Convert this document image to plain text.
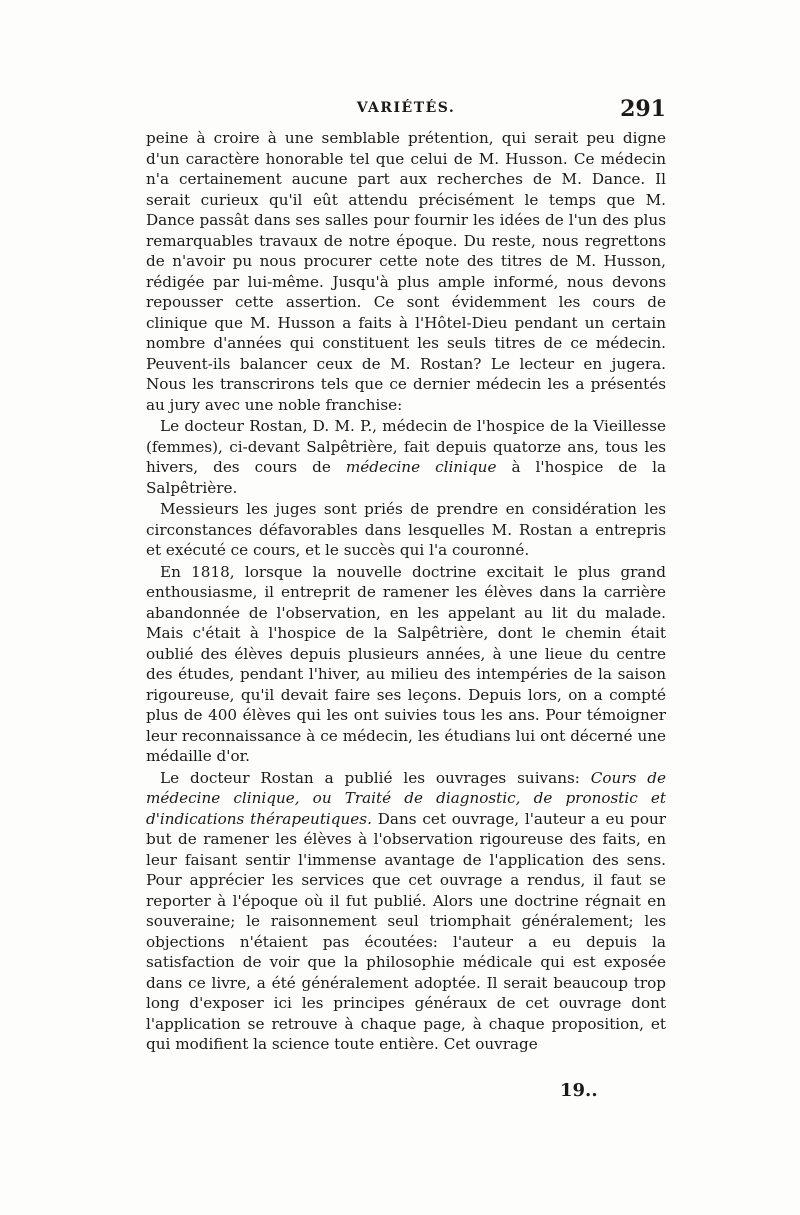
VARIÉTÉS.	291

peine à croire à une semblable prétention, qui serait peu digne d'un caractère honorable tel que celui de M. Husson. Ce médecin n'a certainement aucune part aux recherches de M. Dance. Il serait curieux qu'il eût attendu précisément le temps que M. Dance passât dans ses salles pour fournir les idées de l'un des plus remarquables travaux de notre époque. Du reste, nous regrettons de n'avoir pu nous procurer cette note des titres de M. Husson, rédigée par lui-même. Jusqu'à plus ample informé, nous devons repousser cette assertion. Ce sont évidemment les cours de clinique que M. Husson a faits à l'Hôtel-Dieu pendant un certain nombre d'années qui constituent les seuls titres de ce médecin. Peuvent-ils balancer ceux de M. Rostan? Le lecteur en jugera. Nous les transcrirons tels que ce dernier médecin les a présentés au jury avec une noble franchise:

Le docteur Rostan, D. M. P., médecin de l'hospice de la Vieillesse (femmes), ci-devant Salpêtrière, fait depuis quatorze ans, tous les hivers, des cours de médecine clinique à l'hospice de la Salpêtrière.

Messieurs les juges sont priés de prendre en considération les circonstances défavorables dans lesquelles M. Rostan a entrepris et exécuté ce cours, et le succès qui l'a couronné.

En 1818, lorsque la nouvelle doctrine excitait le plus grand enthousiasme, il entreprit de ramener les élèves dans la carrière abandonnée de l'observation, en les appelant au lit du malade. Mais c'était à l'hospice de la Salpêtrière, dont le chemin était oublié des élèves depuis plusieurs années, à une lieue du centre des études, pendant l'hiver, au milieu des intempéries de la saison rigoureuse, qu'il devait faire ses leçons. Depuis lors, on a compté plus de 400 élèves qui les ont suivies tous les ans. Pour témoigner leur reconnaissance à ce médecin, les étudians lui ont décerné une médaille d'or.

Le docteur Rostan a publié les ouvrages suivans: Cours de médecine clinique, ou Traité de diagnostic, de pronostic et d'indications thérapeutiques. Dans cet ouvrage, l'auteur a eu pour but de ramener les élèves à l'observation rigoureuse des faits, en leur faisant sentir l'immense avantage de l'application des sens. Pour apprécier les services que cet ouvrage a rendus, il faut se reporter à l'époque où il fut publié. Alors une doctrine régnait en souveraine; le raisonnement seul triomphait généralement; les objections n'étaient pas écoutées: l'auteur a eu depuis la satisfaction de voir que la philosophie médicale qui est exposée dans ce livre, a été généralement adoptée. Il serait beaucoup trop long d'exposer ici les principes généraux de cet ouvrage dont l'application se retrouve à chaque page, à chaque proposition, et qui modifient la science toute entière. Cet ouvrage

19..
